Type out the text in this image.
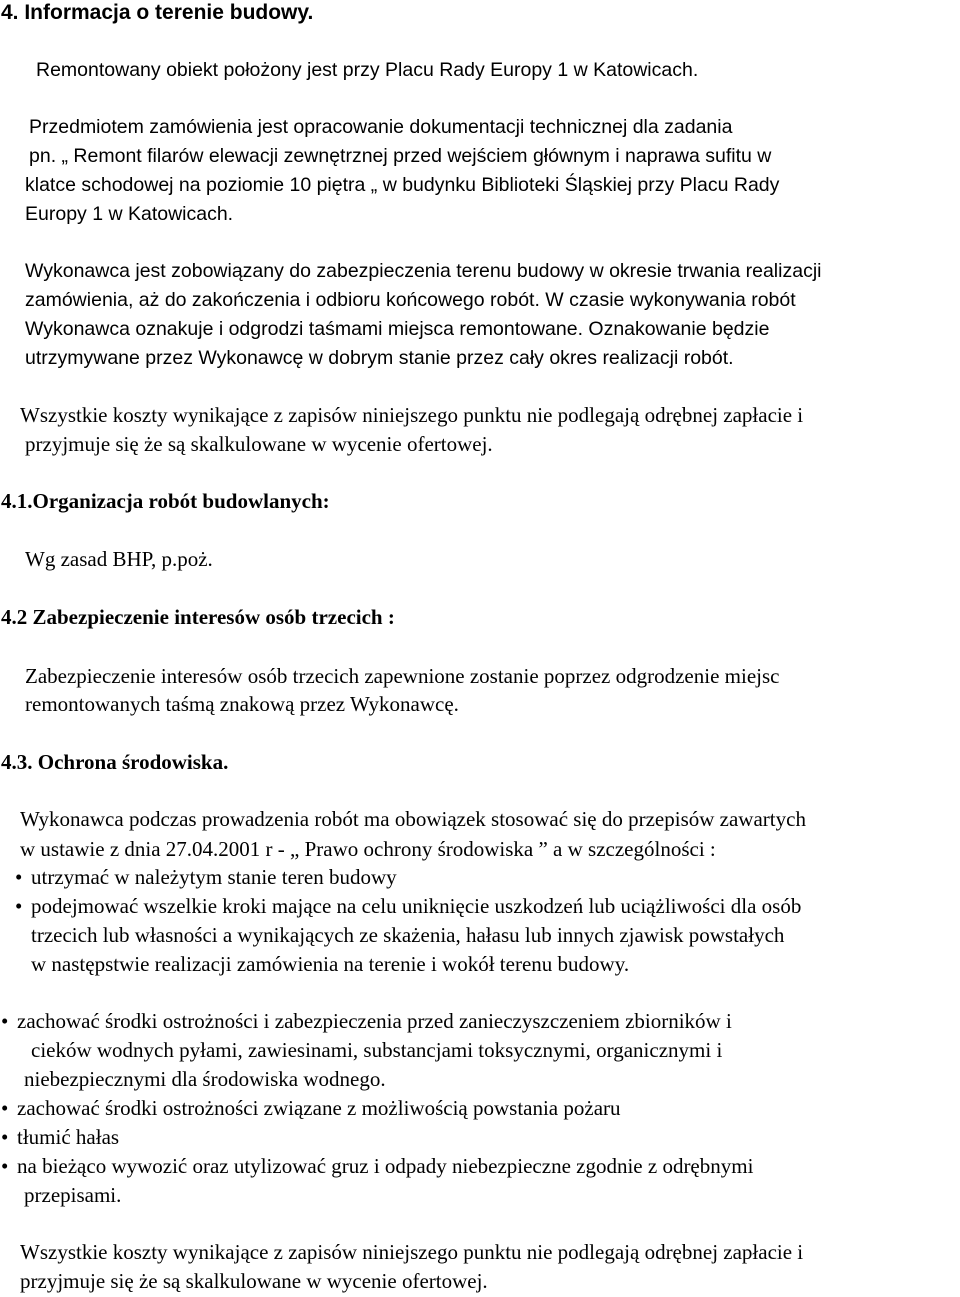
4. Informacja o terenie budowy.

Remontowany obiekt położony jest przy Placu Rady Europy 1 w Katowicach.

Przedmiotem zamówienia jest opracowanie dokumentacji technicznej dla zadania

pn. „ Remont filarów elewacji zewnętrznej przed wejściem głównym i naprawa sufitu w

klatce schodowej na poziomie 10 piętra „ w budynku Biblioteki Śląskiej przy Placu Rady

Europy 1 w Katowicach.

Wykonawca jest zobowiązany do zabezpieczenia terenu budowy w okresie trwania realizacji

zamówienia, aż do zakończenia i odbioru końcowego robót. W czasie wykonywania robót

Wykonawca oznakuje i odgrodzi taśmami miejsca remontowane. Oznakowanie będzie

utrzymywane przez Wykonawcę w dobrym stanie przez cały okres realizacji robót.

Wszystkie koszty wynikające z zapisów niniejszego punktu nie podlegają odrębnej zapłacie i

przyjmuje się że są skalkulowane w wycenie ofertowej.

4.1.Organizacja robót budowlanych:

Wg zasad BHP, p.poż.

4.2 Zabezpieczenie interesów osób trzecich :

Zabezpieczenie interesów osób trzecich zapewnione zostanie poprzez odgrodzenie miejsc

remontowanych taśmą znakową przez Wykonawcę.

4.3. Ochrona środowiska.

Wykonawca podczas prowadzenia robót ma obowiązek stosować się do przepisów zawartych

w ustawie z dnia 27.04.2001 r - „ Prawo ochrony środowiska ” a w szczególności :

• utrzymać w należytym stanie teren budowy

• podejmować wszelkie kroki mające na celu uniknięcie uszkodzeń lub uciążliwości dla osób

trzecich lub własności a wynikających ze skażenia, hałasu lub innych zjawisk powstałych

w następstwie realizacji zamówienia na terenie i wokół terenu budowy.

• zachować środki ostrożności i zabezpieczenia przed zanieczyszczeniem zbiorników i

cieków wodnych pyłami, zawiesinami, substancjami toksycznymi, organicznymi i

niebezpiecznymi dla środowiska wodnego.

• zachować środki ostrożności związane z możliwością powstania pożaru

• tłumić hałas

• na bieżąco wywozić oraz utylizować gruz i odpady niebezpieczne zgodnie z odrębnymi

przepisami.

Wszystkie koszty wynikające z zapisów niniejszego punktu nie podlegają odrębnej zapłacie i

przyjmuje się że są skalkulowane w wycenie ofertowej.
